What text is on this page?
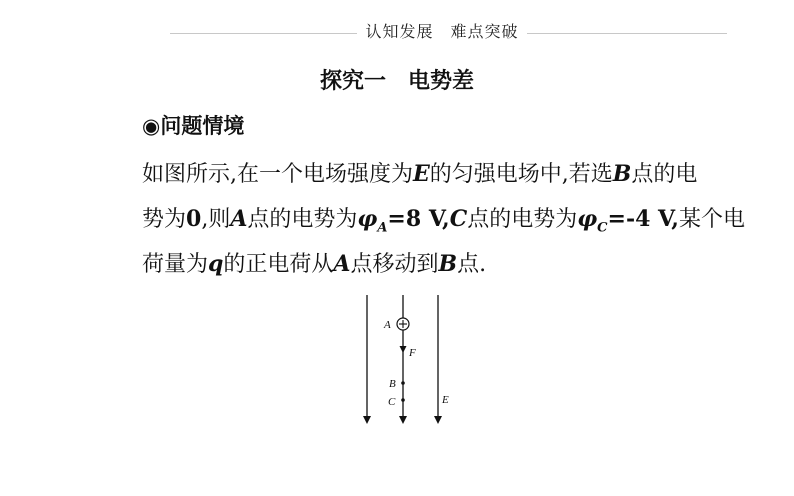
认知发展　难点突破
探究一　电势差
◉问题情境
如图所示,在一个电场强度为E的匀强电场中,若选B点的电
势为0,则A点的电势为$\varphi_A=8$ V,C点的电势为$\varphi_C=-4$ V,某个电
荷量为q的正电荷从A点移动到B点.
A
F
B
C	E
